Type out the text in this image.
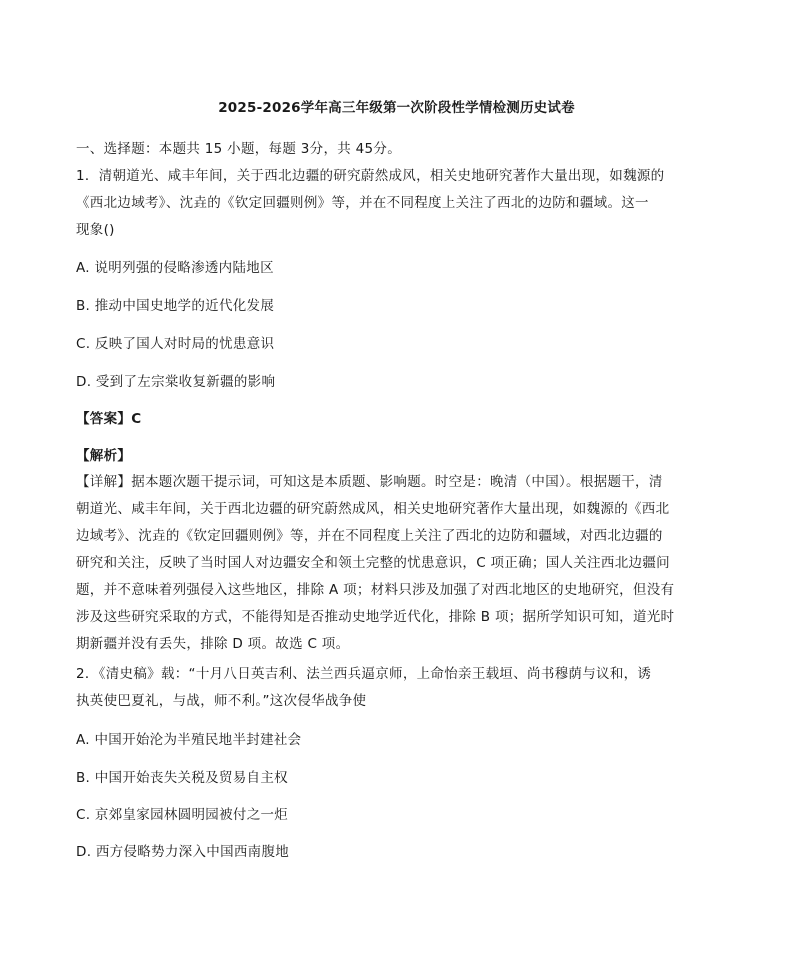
2025-2026学年高三年级第一次阶段性学情检测历史试卷
一、选择题：本题共 15 小题，每题 3分，共 45分。
1．清朝道光、咸丰年间，关于西北边疆的研究蔚然成风，相关史地研究著作大量出现，如魏源的
《西北边域考》、沈垚的《钦定回疆则例》等，并在不同程度上关注了西北的边防和疆域。这一
现象()
A. 说明列强的侵略渗透内陆地区
B. 推动中国史地学的近代化发展
C. 反映了国人对时局的忧患意识
D. 受到了左宗棠收复新疆的影响
【答案】C
【解析】
【详解】据本题次题干提示词，可知这是本质题、影响题。时空是：晚清（中国）。根据题干，清
朝道光、咸丰年间，关于西北边疆的研究蔚然成风，相关史地研究著作大量出现，如魏源的《西北
边域考》、沈垚的《钦定回疆则例》等，并在不同程度上关注了西北的边防和疆域，对西北边疆的
研究和关注，反映了当时国人对边疆安全和领土完整的忧患意识，C 项正确；国人关注西北边疆问
题，并不意味着列强侵入这些地区，排除 A 项；材料只涉及加强了对西北地区的史地研究，但没有
涉及这些研究采取的方式，不能得知是否推动史地学近代化，排除 B 项；据所学知识可知，道光时
期新疆并没有丢失，排除 D 项。故选 C 项。
2．《清史稿》载：“十月八日英吉利、法兰西兵逼京师，上命怡亲王载垣、尚书穆荫与议和，诱
执英使巴夏礼，与战，师不利。”这次侵华战争使
A. 中国开始沦为半殖民地半封建社会
B. 中国开始丧失关税及贸易自主权
C. 京郊皇家园林圆明园被付之一炬
D. 西方侵略势力深入中国西南腹地
